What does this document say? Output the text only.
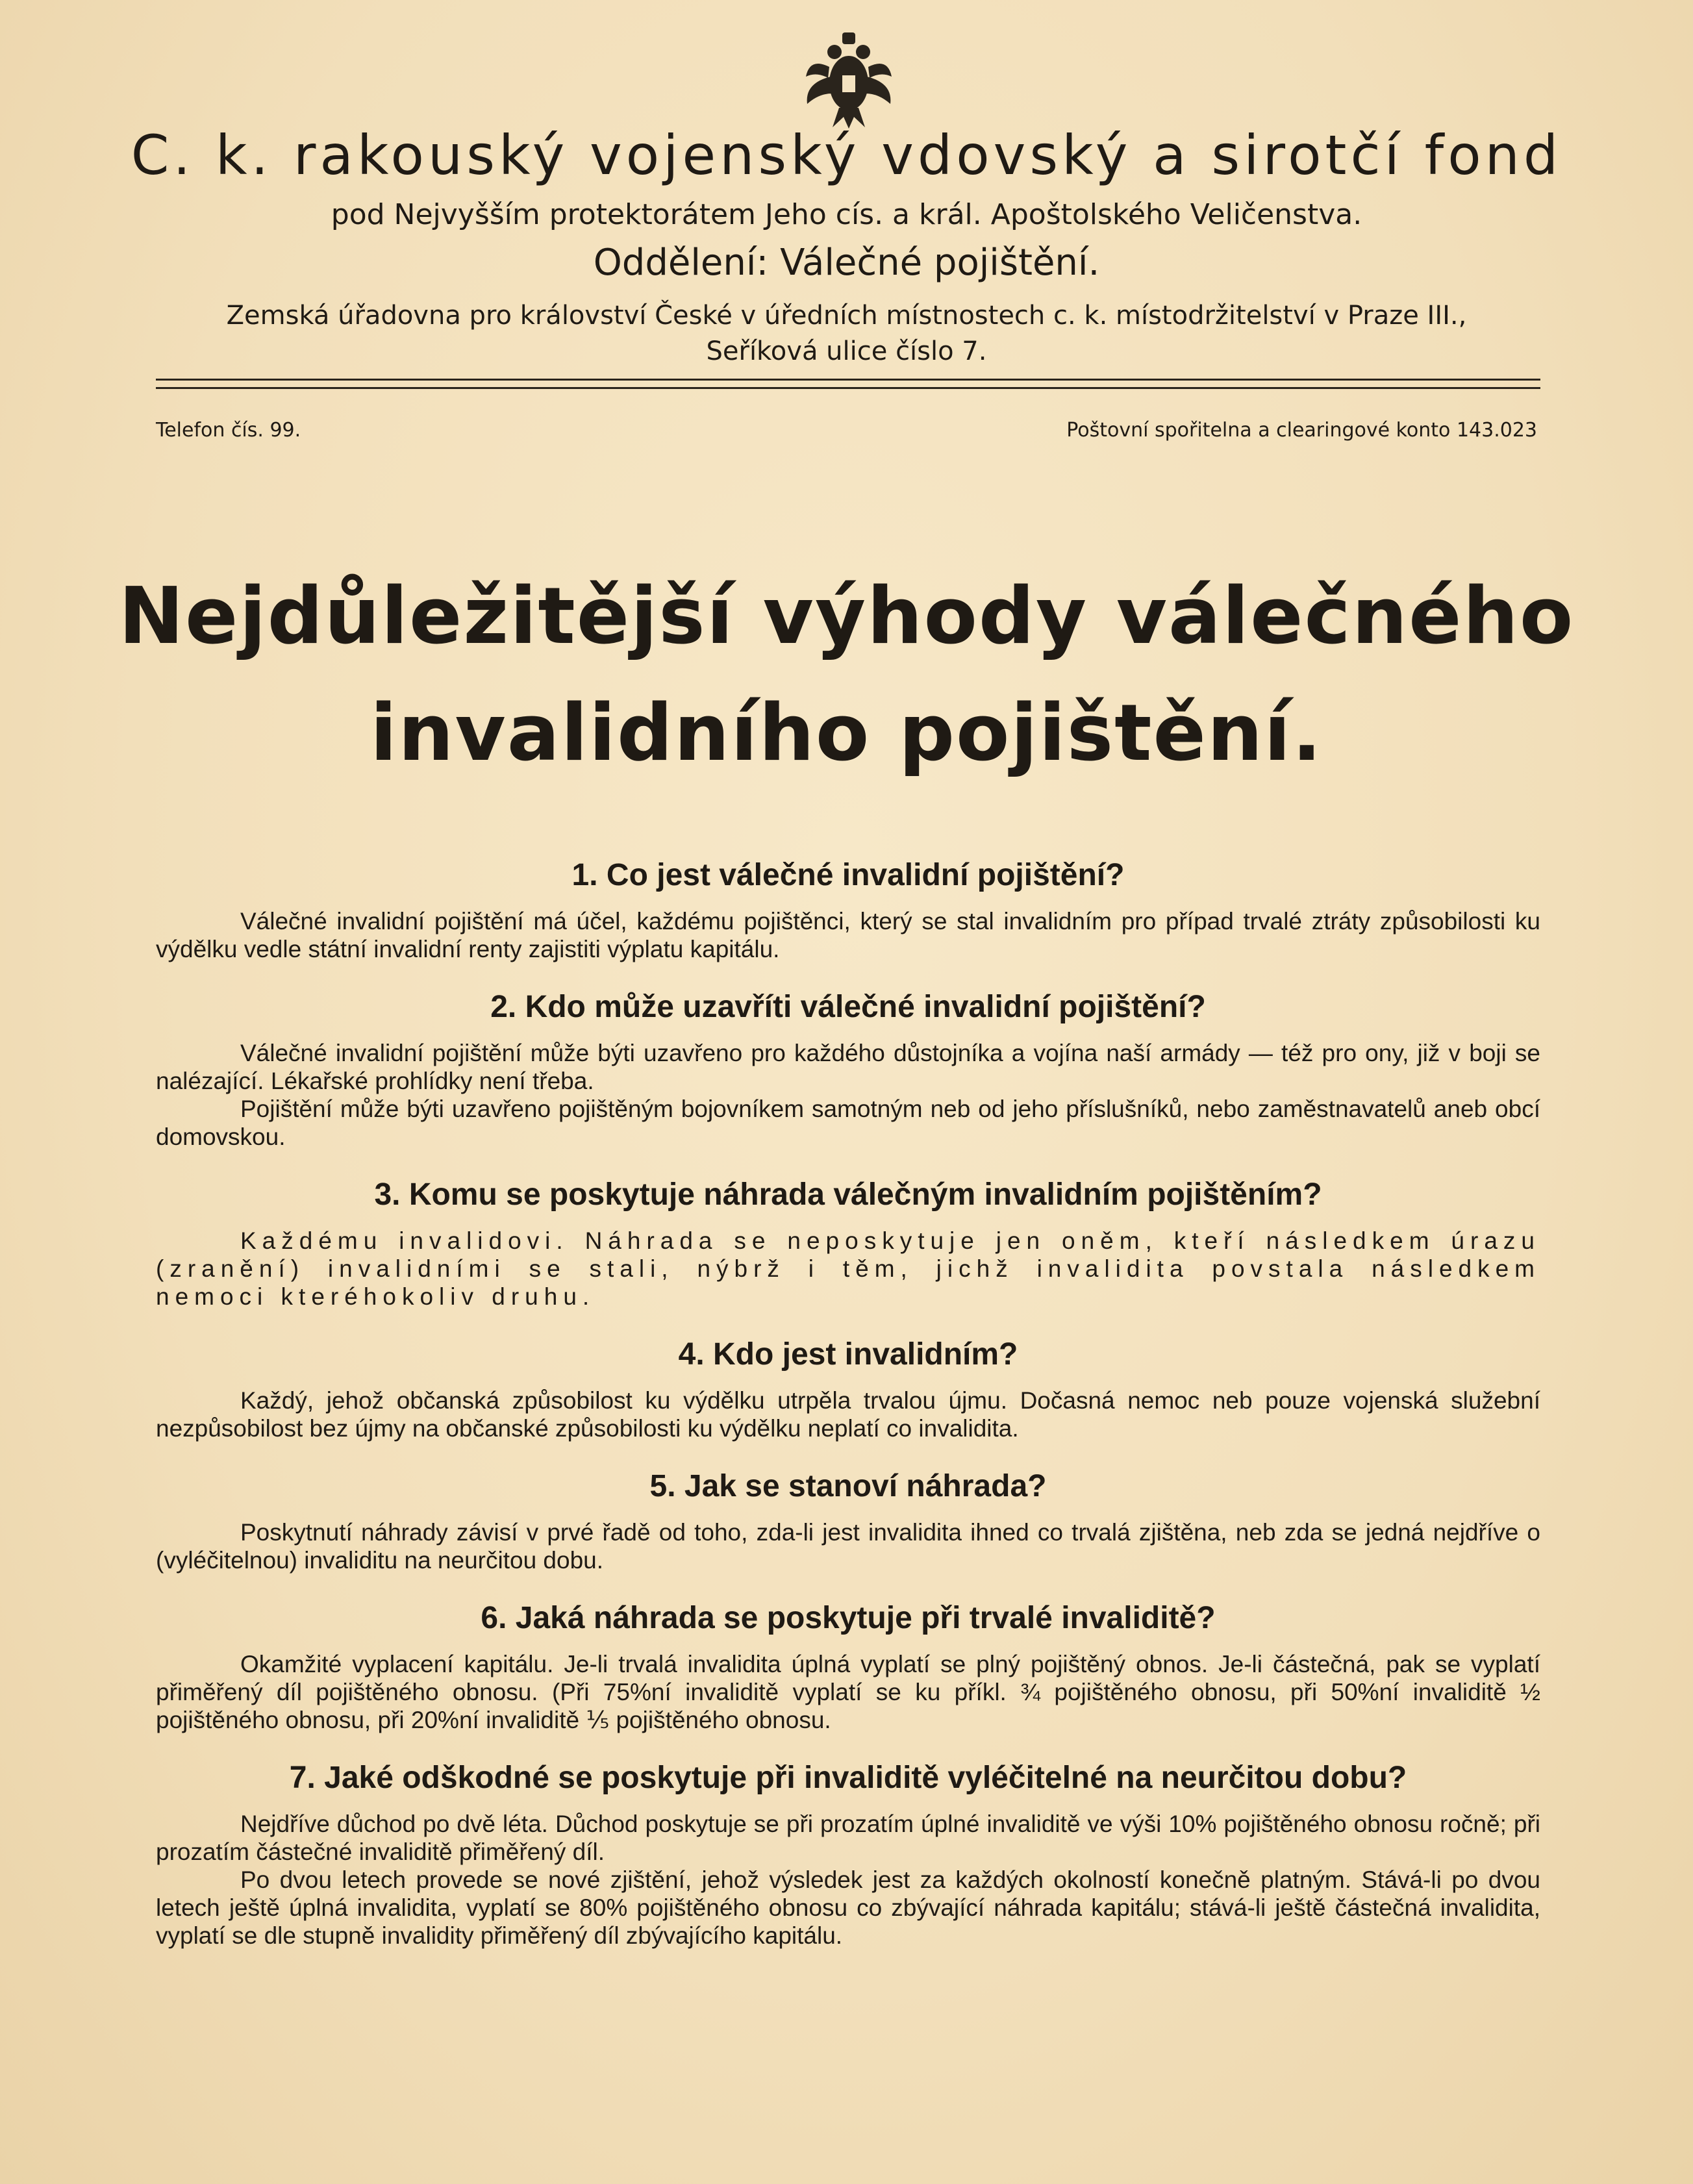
C. k. rakouský vojenský vdovský a sirotčí fond
pod Nejvyšším protektorátem Jeho cís. a král. Apoštolského Veličenstva.
Oddělení: Válečné pojištění.
Zemská úřadovna pro království České v úředních místnostech c. k. místodržitelství v Praze III.,
Seříková ulice číslo 7.
Telefon čís. 99.	Poštovní spořitelna a clearingové konto 143.023
Nejdůležitější výhody válečného
invalidního pojištění.
1. Co jest válečné invalidní pojištění?

Válečné invalidní pojištění má účel, každému pojištěnci, který se stal invalidním pro případ trvalé ztráty způsobilosti ku výdělku vedle státní invalidní renty zajistiti výplatu kapitálu.

2. Kdo může uzavříti válečné invalidní pojištění?

Válečné invalidní pojištění může býti uzavřeno pro každého důstojníka a vojína naší armády — též pro ony, již v boji se nalézající. Lékařské prohlídky není třeba.

Pojištění může býti uzavřeno pojištěným bojovníkem samotným neb od jeho příslušníků, nebo zaměstnavatelů aneb obcí domovskou.

3. Komu se poskytuje náhrada válečným invalidním pojištěním?

Každému invalidovi. Náhrada se neposkytuje jen oněm, kteří následkem úrazu (zranění) invalidními se stali, nýbrž i těm, jichž invalidita povstala následkem nemoci kteréhokoliv druhu.

4. Kdo jest invalidním?

Každý, jehož občanská způsobilost ku výdělku utrpěla trvalou újmu. Dočasná nemoc neb pouze vojenská služební nezpůsobilost bez újmy na občanské způsobilosti ku výdělku neplatí co invalidita.

5. Jak se stanoví náhrada?

Poskytnutí náhrady závisí v prvé řadě od toho, zda-li jest invalidita ihned co trvalá zjištěna, neb zda se jedná nejdříve o (vyléčitelnou) invaliditu na neurčitou dobu.

6. Jaká náhrada se poskytuje při trvalé invaliditě?

Okamžité vyplacení kapitálu. Je-li trvalá invalidita úplná vyplatí se plný pojištěný obnos. Je-li částečná, pak se vyplatí přiměřený díl pojištěného obnosu. (Při 75%ní invaliditě vyplatí se ku příkl. ¾ pojištěného obnosu, při 50%ní invaliditě ½ pojištěného obnosu, při 20%ní invaliditě ⅕ pojištěného obnosu.

7. Jaké odškodné se poskytuje při invaliditě vyléčitelné na neurčitou dobu?

Nejdříve důchod po dvě léta. Důchod poskytuje se při prozatím úplné invaliditě ve výši 10% pojištěného obnosu ročně; při prozatím částečné invaliditě přiměřený díl.

Po dvou letech provede se nové zjištění, jehož výsledek jest za každých okolností konečně platným. Stává-li po dvou letech ještě úplná invalidita, vyplatí se 80% pojištěného obnosu co zbývající náhrada kapitálu; stává-li ještě částečná invalidita, vyplatí se dle stupně invalidity přiměřený díl zbývajícího kapitálu.
